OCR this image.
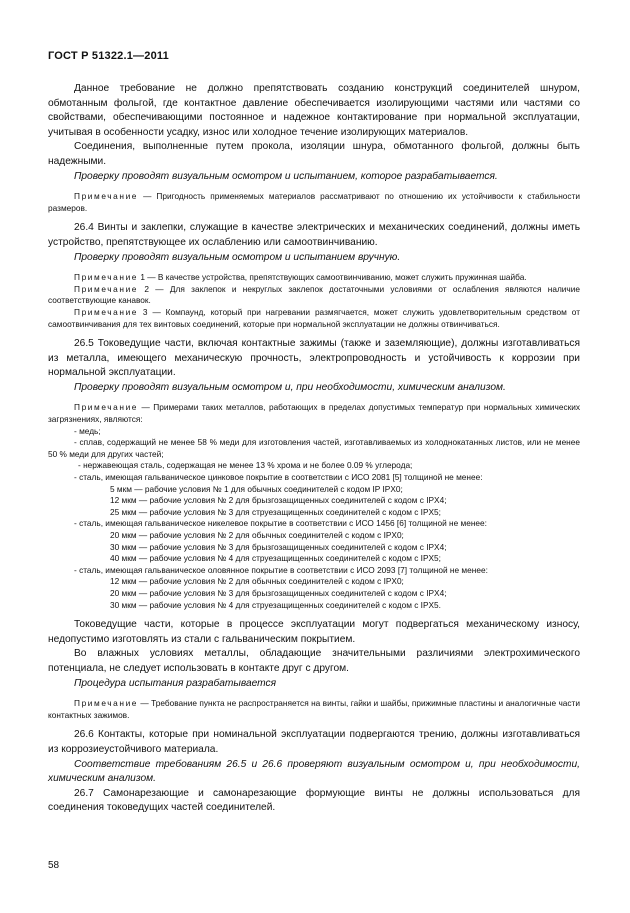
ГОСТ Р 51322.1—2011

Данное требование не должно препятствовать созданию конструкций соединителей шнуром, обмотанным фольгой, где контактное давление обеспечивается изолирующими частями или частями со свойствами, обеспечивающими постоянное и надежное контактирование при нормальной эксплуатации, учитывая в особенности усадку, износ или холодное течение изолирующих материалов.

Соединения, выполненные путем прокола, изоляции шнура, обмотанного фольгой, должны быть надежными.

Проверку проводят визуальным осмотром и испытанием, которое разрабатывается.

Примечание — Пригодность применяемых материалов рассматривают по отношению их устойчивости к стабильности размеров.

26.4 Винты и заклепки, служащие в качестве электрических и механических соединений, должны иметь устройство, препятствующее их ослаблению или самоотвинчиванию.

Проверку проводят визуальным осмотром и испытанием вручную.

Примечание 1 — В качестве устройства, препятствующих самоотвинчиванию, может служить пружинная шайба.

Примечание 2 — Для заклепок и некруглых заклепок достаточными условиями от ослабления являются наличие соответствующие канавок.

Примечание 3 — Компаунд, который при нагревании размягчается, может служить удовлетворительным средством от самоотвинчивания для тех винтовых соединений, которые при нормальной эксплуатации не должны отвинчиваться.

26.5 Токоведущие части, включая контактные зажимы (также и заземляющие), должны изготавливаться из металла, имеющего механическую прочность, электропроводность и устойчивость к коррозии при нормальной эксплуатации.

Проверку проводят визуальным осмотром и, при необходимости, химическим анализом.

Примечание — Примерами таких металлов, работающих в пределах допустимых температур при нормальных химических загрязнениях, являются:

- медь;

- сплав, содержащий не менее 58 % меди для изготовления частей, изготавливаемых из холоднокатанных листов, или не менее 50 % меди для других частей;

- нержавеющая сталь, содержащая не менее 13 % хрома и не более 0.09 % углерода;

- сталь, имеющая гальваническое цинковое покрытие в соответствии с ИСО 2081 [5] толщиной не менее:

5 мкм — рабочие условия № 1 для обычных соединителей с кодом IP IPX0;

12 мкм — рабочие условия № 2 для брызгозащищенных соединителей с кодом с IPX4;

25 мкм — рабочие условия № 3 для струезащищенных соединителей с кодом с IPX5;

- сталь, имеющая гальваническое никелевое покрытие в соответствии с ИСО 1456 [6] толщиной не менее:

20 мкм — рабочие условия № 2 для обычных соединителей с кодом с IPX0;

30 мкм — рабочие условия № 3 для брызгозащищенных соединителей с кодом с IPX4;

40 мкм — рабочие условия № 4 для струезащищенных соединителей с кодом с IPX5;

- сталь, имеющая гальваническое оловянное покрытие в соответствии с ИСО 2093 [7] толщиной не менее:

12 мкм — рабочие условия № 2 для обычных соединителей с кодом с IPX0;

20 мкм — рабочие условия № 3 для брызгозащищенных соединителей с кодом с IPX4;

30 мкм — рабочие условия № 4 для струезащищенных соединителей с кодом с IPX5.

Токоведущие части, которые в процессе эксплуатации могут подвергаться механическому износу, недопустимо изготовлять из стали с гальваническим покрытием.

Во влажных условиях металлы, обладающие значительными различиями электрохимического потенциала, не следует использовать в контакте друг с другом.

Процедура испытания разрабатывается

Примечание — Требование пункта не распространяется на винты, гайки и шайбы, прижимные пластины и аналогичные части контактных зажимов.

26.6 Контакты, которые при номинальной эксплуатации подвергаются трению, должны изготавливаться из коррозиеустойчивого материала.

Соответствие требованиям 26.5 и 26.6 проверяют визуальным осмотром и, при необходимости, химическим анализом.

26.7 Самонарезающие и самонарезающие формующие винты не должны использоваться для соединения токоведущих частей соединителей.

58
